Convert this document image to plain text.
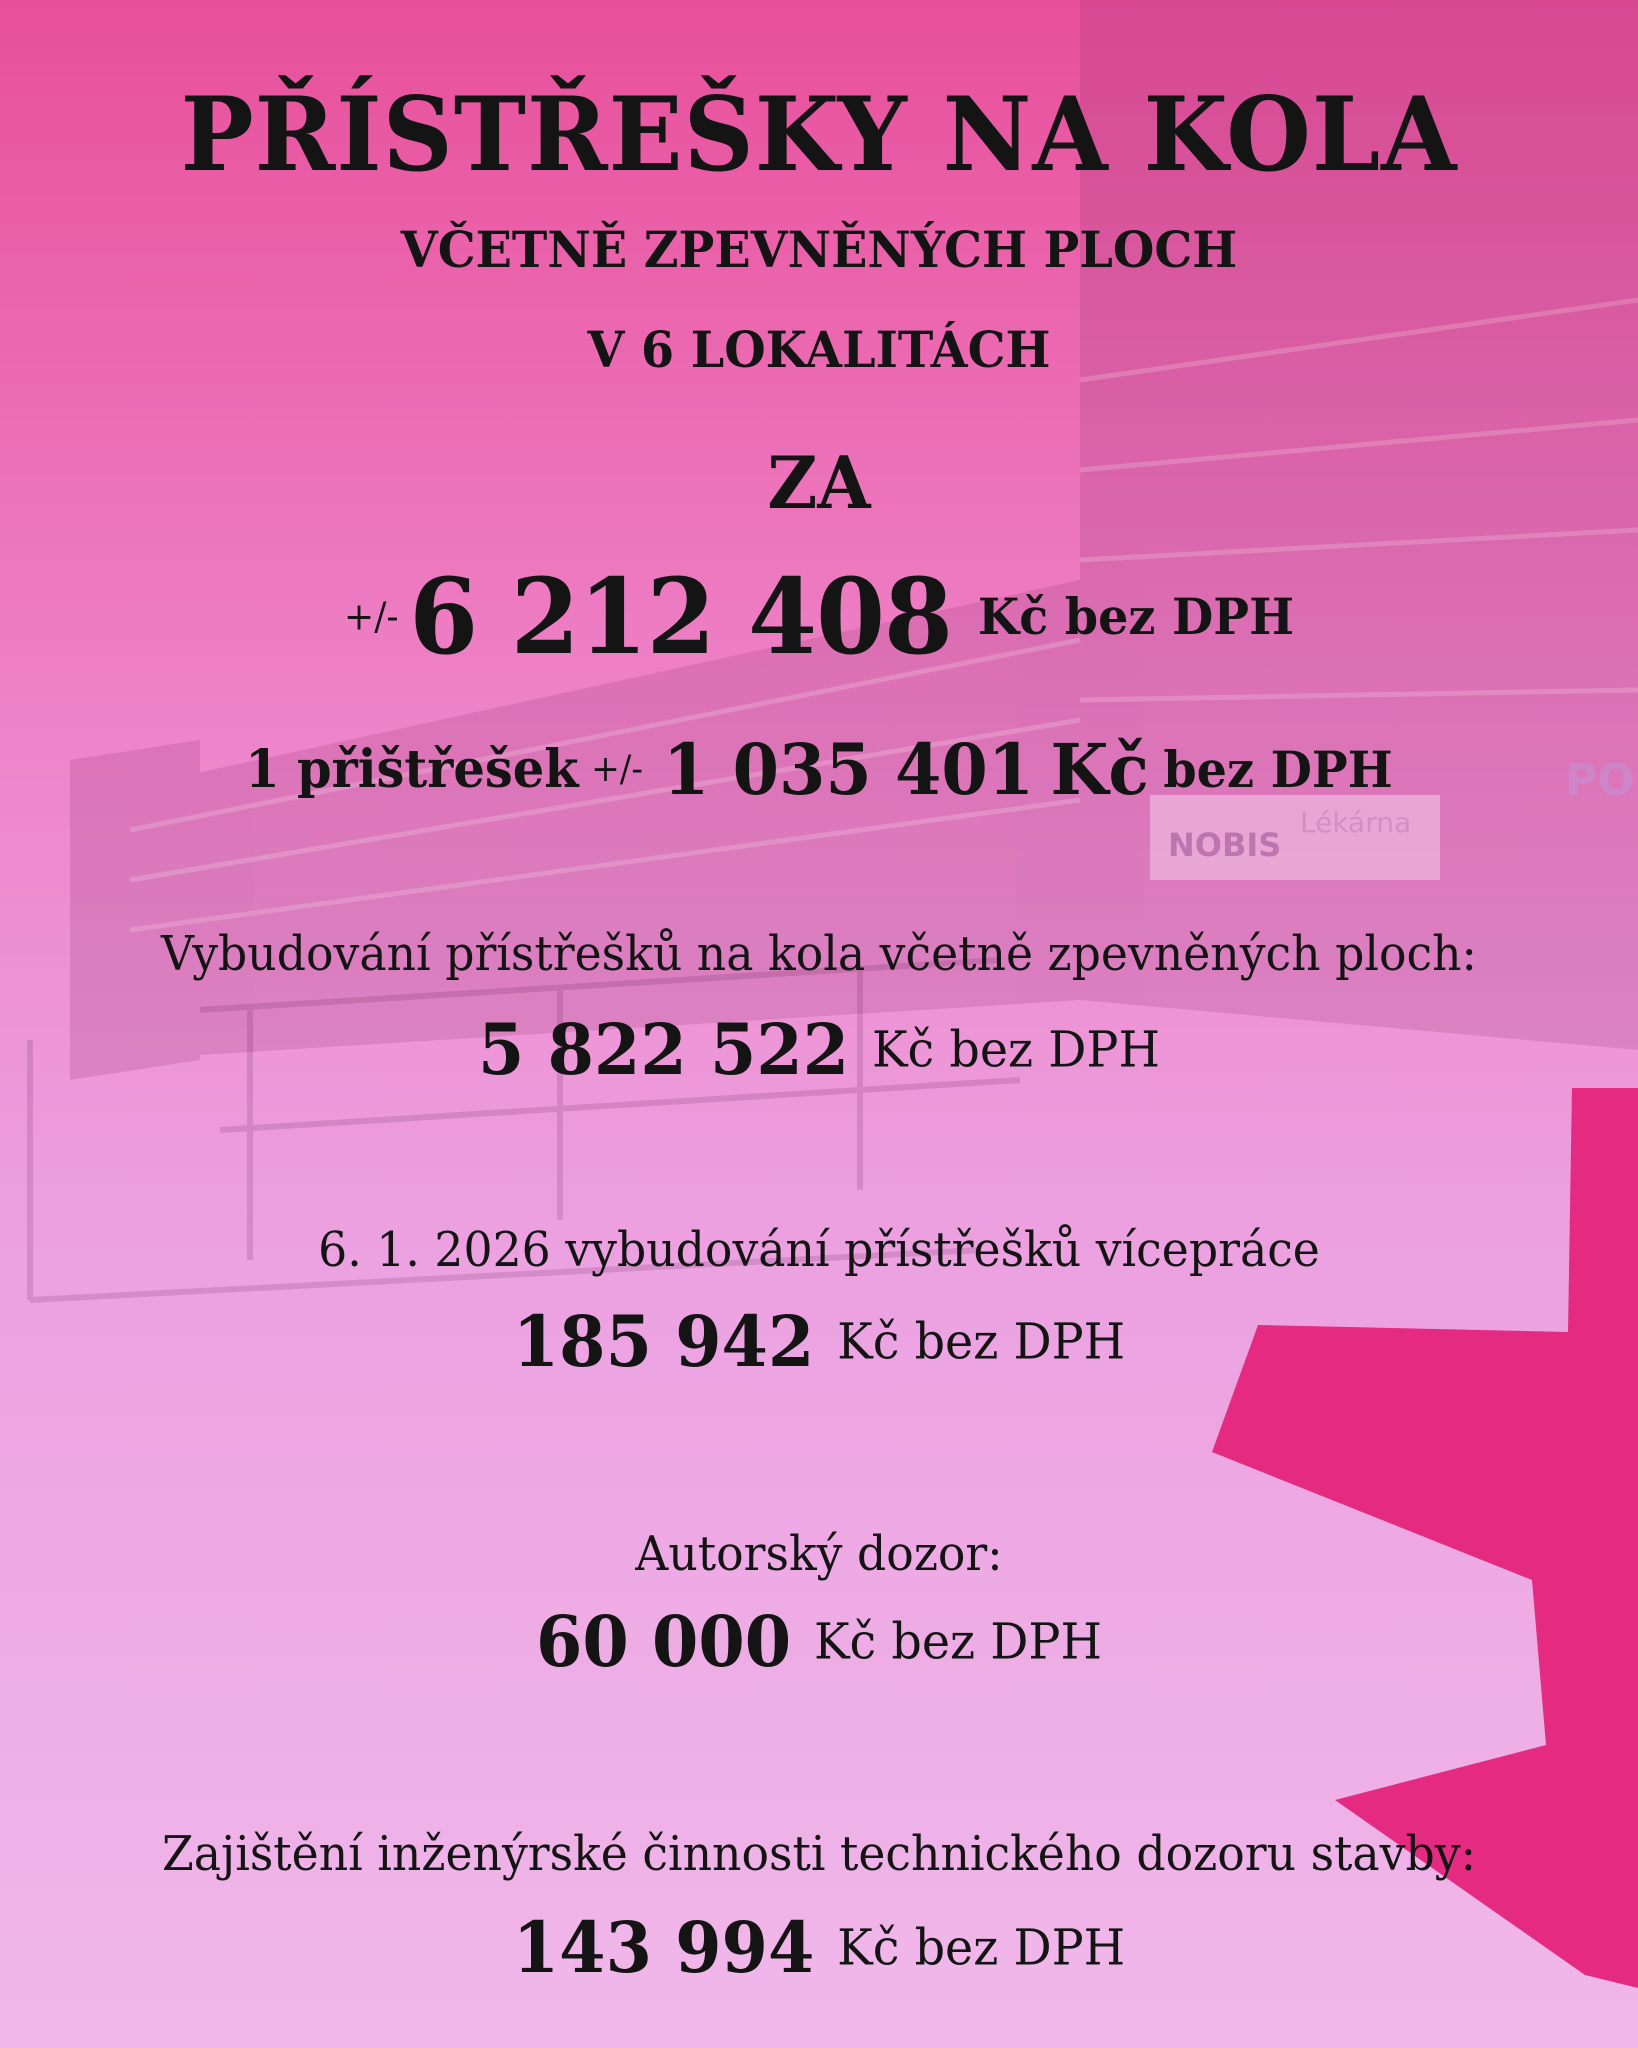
NOBIS
Lékárna
PO
PŘÍSTŘEŠKY NA KOLA
VČETNĚ ZPEVNĚNÝCH PLOCH
V 6 LOKALITÁCH
ZA
+/- 6 212 408 Kč bez DPH
1 přištřešek +/- 1 035 401 Kč bez DPH
Vybudování přístřešků na kola včetně zpevněných ploch:
5 822 522 Kč bez DPH
6. 1. 2026 vybudování přístřešků vícepráce
185 942 Kč bez DPH
Autorský dozor:
60 000 Kč bez DPH
Zajištění inženýrské činnosti technického dozoru stavby:
143 994 Kč bez DPH
